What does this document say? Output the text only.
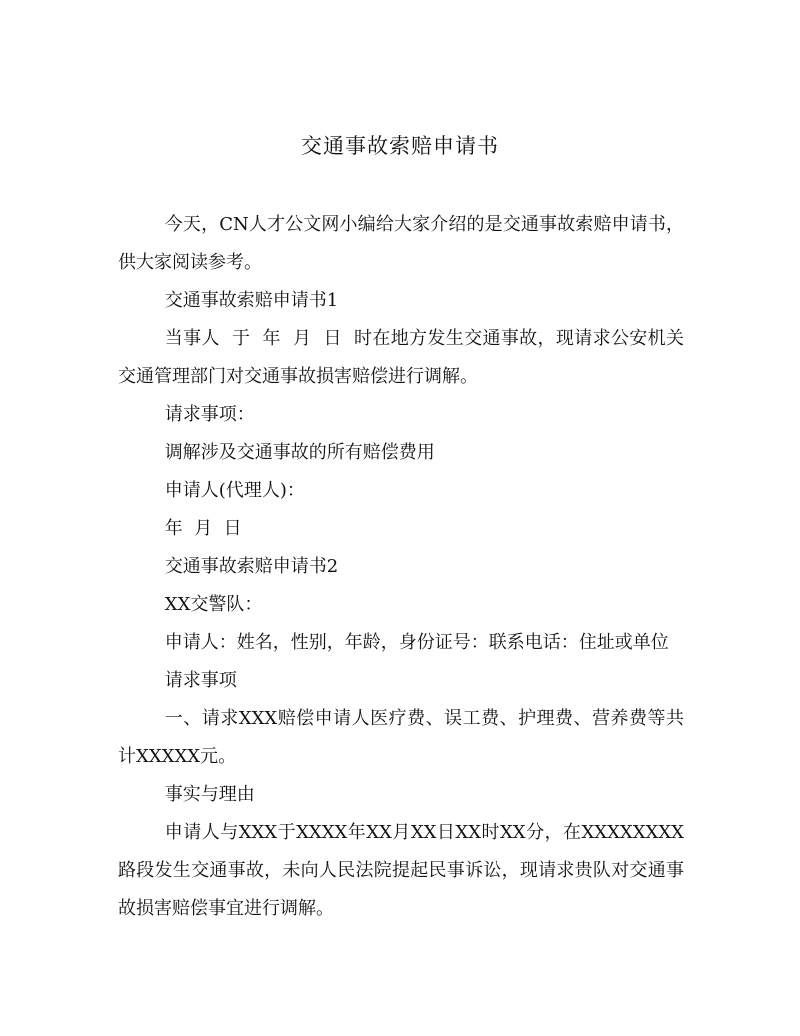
交通事故索赔申请书

今天，CN人才公文网小编给大家介绍的是交通事故索赔申请书，供大家阅读参考。

交通事故索赔申请书1

当事人  于  年  月  日  时在地方发生交通事故，现请求公安机关交通管理部门对交通事故损害赔偿进行调解。

请求事项：

调解涉及交通事故的所有赔偿费用

申请人(代理人)：

年  月  日

交通事故索赔申请书2

XX交警队：

申请人：姓名，性别，年龄，身份证号：联系电话：住址或单位

请求事项

一、请求XXX赔偿申请人医疗费、误工费、护理费、营养费等共计XXXXX元。

事实与理由

申请人与XXX于XXXX年XX月XX日XX时XX分，在XXXXXXXX路段发生交通事故，未向人民法院提起民事诉讼，现请求贵队对交通事故损害赔偿事宜进行调解。
